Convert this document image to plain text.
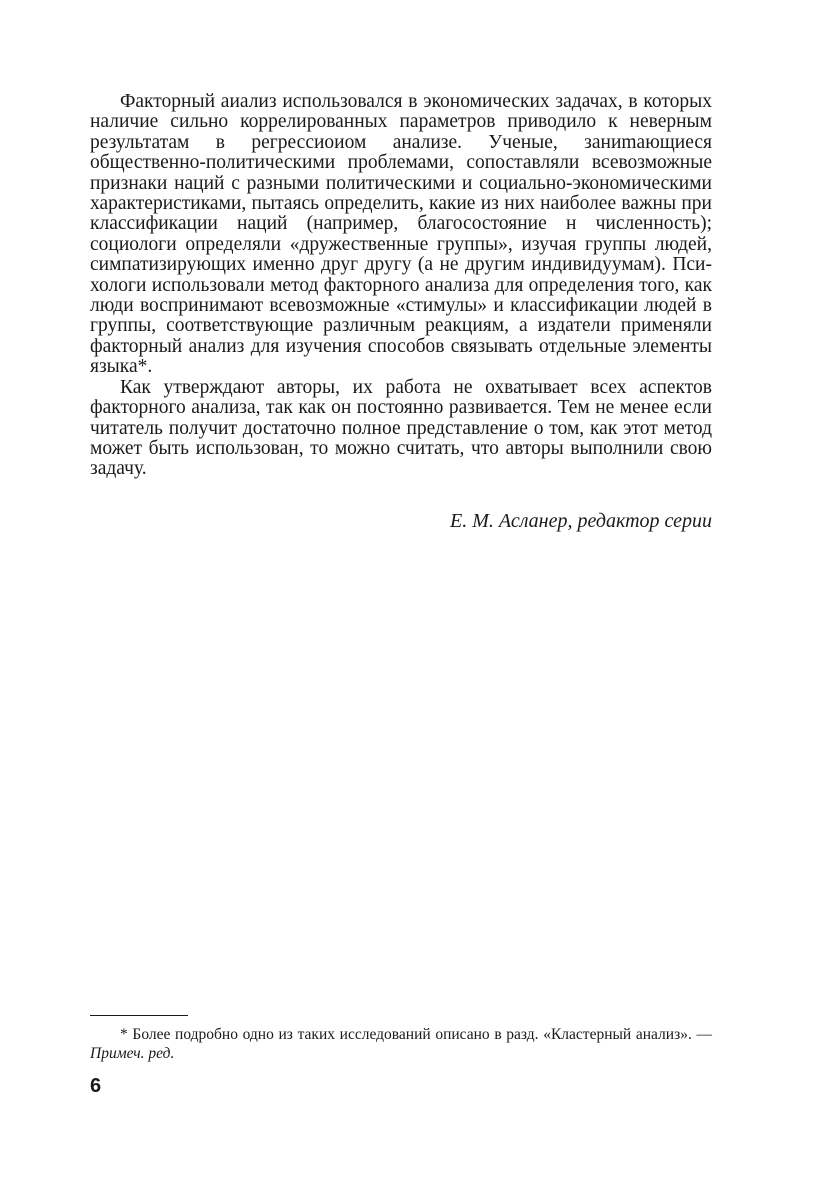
Факторный аиализ использовался в экономических задачах, в которых наличие сильно коррелированных параметров приводило к неверным результатам в регрессиоиом анализе. Ученые, заниmающиеся общественно-политическими проблемами, сопоставляли всевозможные признаки наций с разными политическими и социально-экономическими характеристиками, пытаясь определить, какие из них наиболее важны при классификации наций (например, благосостояние н численность); социологи определяли «дружественные группы», изучая группы людей, симпатизирующих именно друг другу (а не другим индивидуумам). Психологи использовали метод факторного анализа для определения того, как люди воспринимают всевозможные «стимулы» и классификации людей в группы, соответствующие различным реакциям, а издатели применяли факторный анализ для изучения способов связывать отдельные элементы языка*.

Как утверждают авторы, их работа не охватывает всех аспектов факторного анализа, так как он постоянно развивается. Тем не менее если читатель получит достаточно полное представление о том, как этот метод может быть использован, то можно считать, что авторы выполнили свою задачу.

Е. М. Асланер, редактор серии

* Более подробно одно из таких исследований описано в разд. «Кластерный анализ». — Примеч. ред.

6
